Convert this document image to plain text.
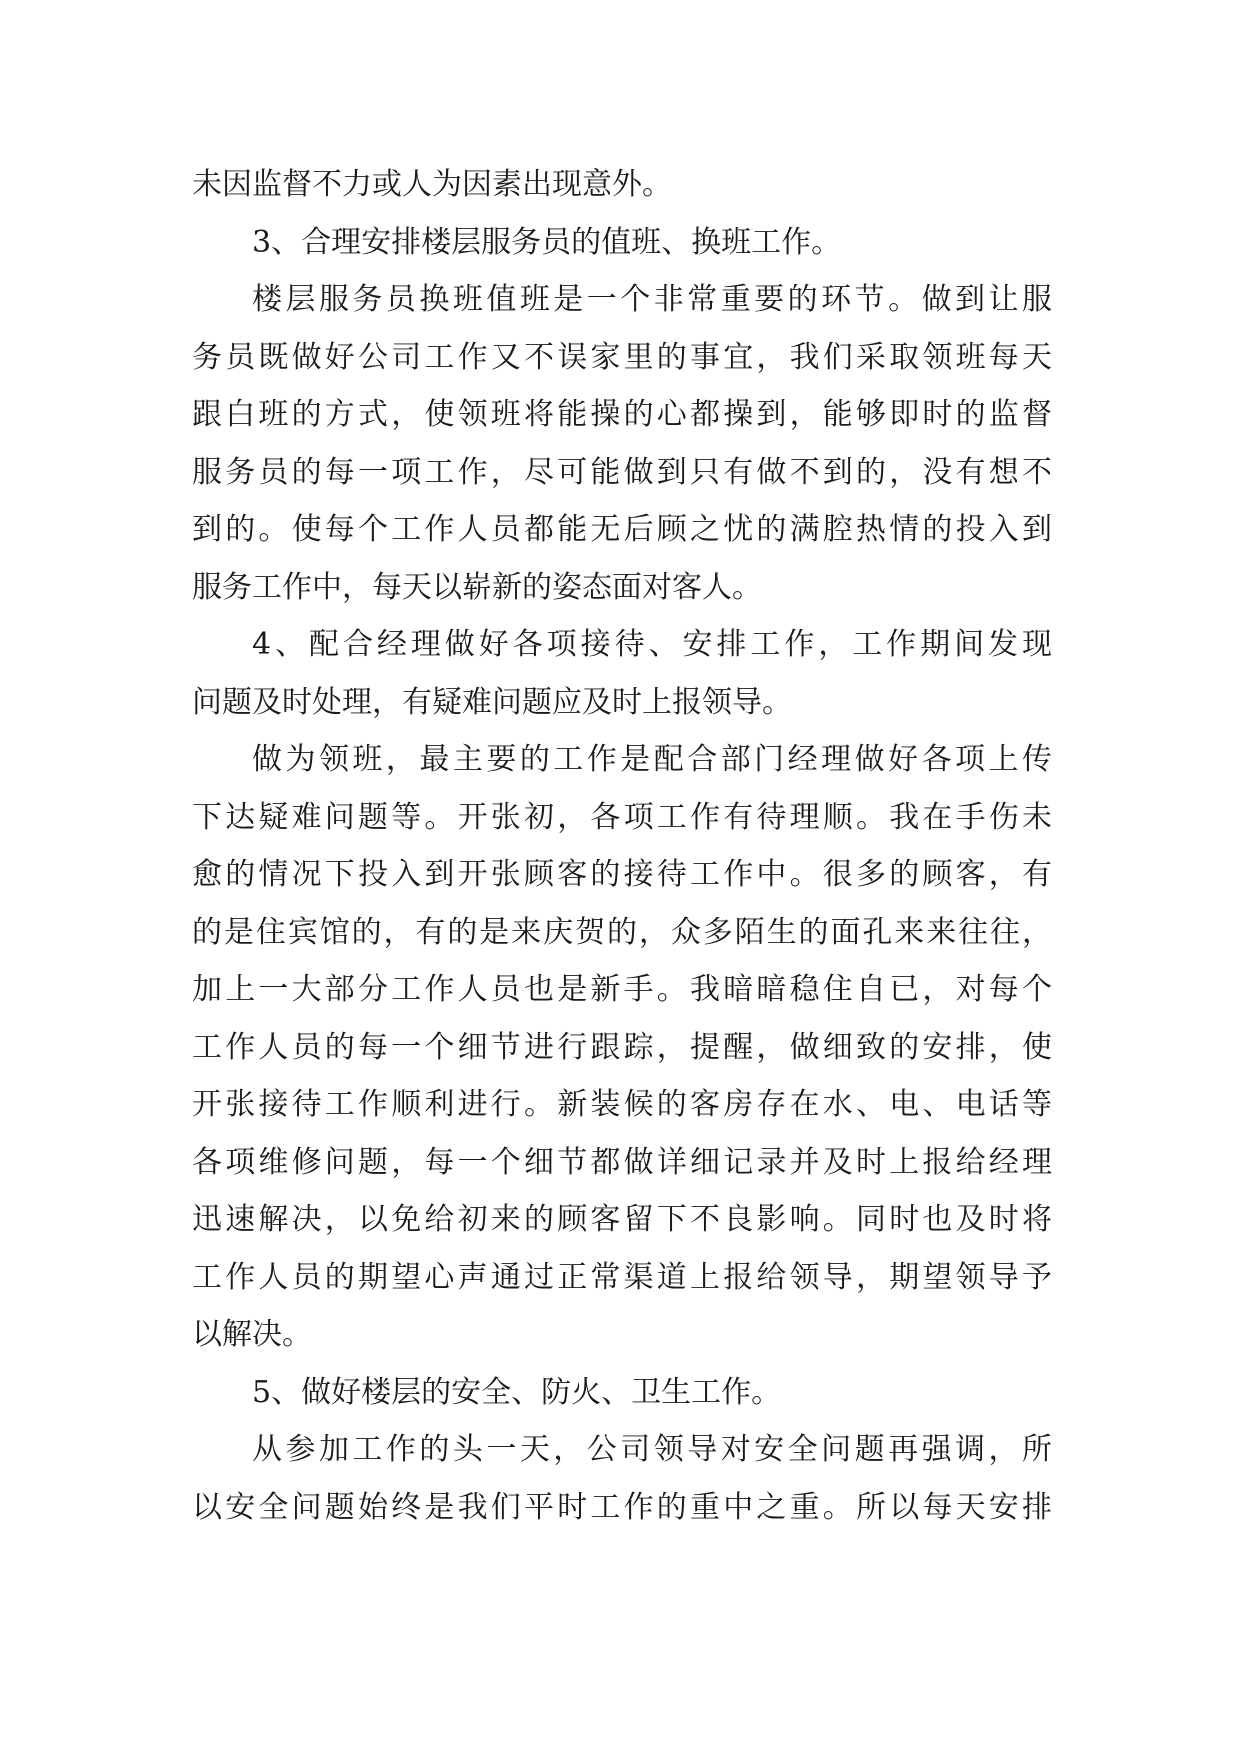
未因监督不力或人为因素出现意外。
3、合理安排楼层服务员的值班、换班工作。
楼层服务员换班值班是一个非常重要的环节。做到让服
务员既做好公司工作又不误家里的事宜，我们采取领班每天
跟白班的方式，使领班将能操的心都操到，能够即时的监督
服务员的每一项工作，尽可能做到只有做不到的，没有想不
到的。使每个工作人员都能无后顾之忧的满腔热情的投入到
服务工作中，每天以崭新的姿态面对客人。
4、配合经理做好各项接待、安排工作，工作期间发现
问题及时处理，有疑难问题应及时上报领导。
做为领班，最主要的工作是配合部门经理做好各项上传
下达疑难问题等。开张初，各项工作有待理顺。我在手伤未
愈的情况下投入到开张顾客的接待工作中。很多的顾客，有
的是住宾馆的，有的是来庆贺的，众多陌生的面孔来来往往，
加上一大部分工作人员也是新手。我暗暗稳住自已，对每个
工作人员的每一个细节进行跟踪，提醒，做细致的安排，使
开张接待工作顺利进行。新装候的客房存在水、电、电话等
各项维修问题，每一个细节都做详细记录并及时上报给经理
迅速解决，以免给初来的顾客留下不良影响。同时也及时将
工作人员的期望心声通过正常渠道上报给领导，期望领导予
以解决。
5、做好楼层的安全、防火、卫生工作。
从参加工作的头一天，公司领导对安全问题再强调，所
以安全问题始终是我们平时工作的重中之重。所以每天安排
